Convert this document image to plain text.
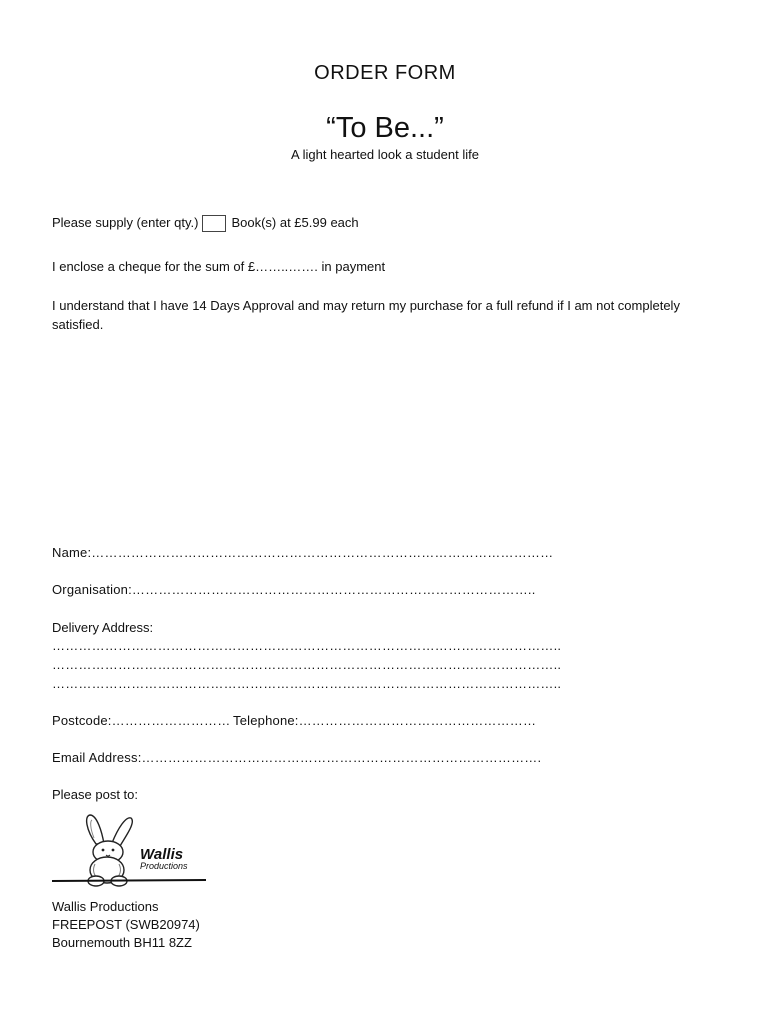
ORDER FORM
“To Be...”
A light hearted look a student life
Please supply (enter qty.)	Book(s) at £5.99 each
I enclose a cheque for the sum of £……..……. in payment
I understand that I have 14 Days Approval and may return my purchase for a full refund if I am not completely satisfied.
Name:……………………………………………………………………………………………
Organisation:………………………………………………………………………………..
Delivery Address:
……………………………………………………………………………………………………..
……………………………………………………………………………………………………..
……………………………………………………………………………………………………..
Postcode:……………………… Telephone:………………………………………………
Email Address:……………………………………………………………………………….
Please post to:
Wallis
Productions
Wallis Productions
FREEPOST (SWB20974)
Bournemouth BH11 8ZZ
